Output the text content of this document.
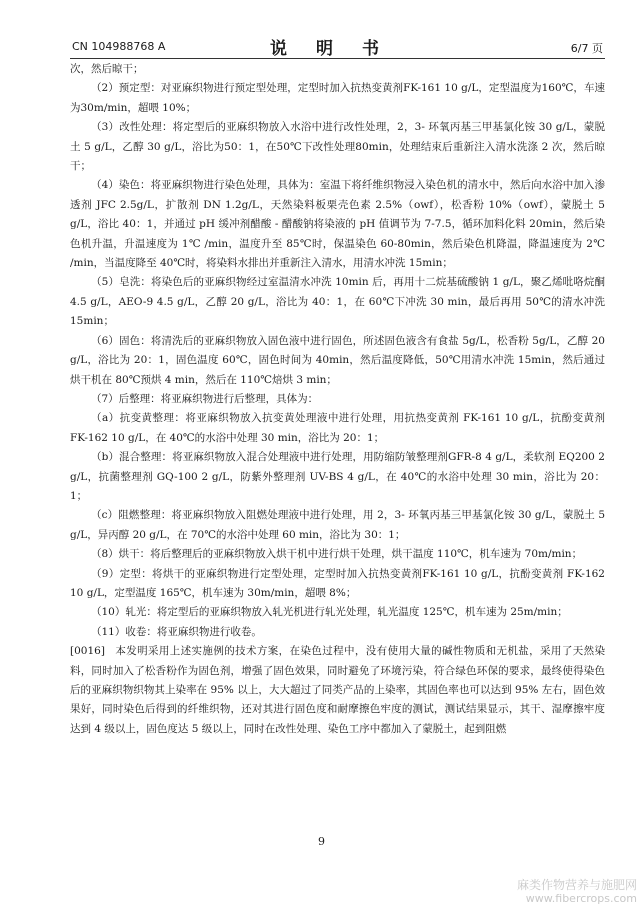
CN 104988768 A	说　明　书	6/7 页

次，然后晾干；

（2）预定型：对亚麻织物进行预定型处理，定型时加入抗热变黄剂FK-161 10 g/L，定型温度为160℃，车速为30m/min，超喂 10%；

（3）改性处理：将定型后的亚麻织物放入水浴中进行改性处理，2，3- 环氧丙基三甲基氯化铵 30 g/L，蒙脱土 5 g/L，乙醇 30 g/L，浴比为50：1，在50℃下改性处理80min，处理结束后重新注入清水洗涤 2 次，然后晾干；

（4）染色：将亚麻织物进行染色处理，具体为：室温下将纤维织物浸入染色机的清水中，然后向水浴中加入渗透剂 JFC 2.5g/L，扩散剂 DN 1.2g/L，天然染料板栗壳色素 2.5%（owf），松香粉 10%（owf），蒙脱土 5 g/L，浴比 40：1，并通过 pH 缓冲剂醋酸 - 醋酸钠将染液的 pH 值调节为 7-7.5，循环加料化料 20min，然后染色机升温，升温速度为 1℃ /min，温度升至 85℃时，保温染色 60-80min，然后染色机降温，降温速度为 2℃ /min，当温度降至 40℃时，将染料水排出并重新注入清水，用清水冲洗 15min；

（5）皂洗：将染色后的亚麻织物经过室温清水冲洗 10min 后，再用十二烷基硫酸钠 1 g/L，聚乙烯吡咯烷酮 4.5 g/L，AEO-9 4.5 g/L，乙醇 20 g/L，浴比为 40：1，在 60℃下冲洗 30 min，最后再用 50℃的清水冲洗 15min；

（6）固色：将清洗后的亚麻织物放入固色液中进行固色，所述固色液含有食盐 5g/L，松香粉 5g/L，乙醇 20 g/L，浴比为 20：1，固色温度 60℃，固色时间为 40min，然后温度降低，50℃用清水冲洗 15min，然后通过烘干机在 80℃预烘 4 min，然后在 110℃焙烘 3 min；

（7）后整理：将亚麻织物进行后整理，具体为：

（a）抗变黄整理：将亚麻织物放入抗变黄处理液中进行处理，用抗热变黄剂 FK-161 10 g/L，抗酚变黄剂 FK-162 10 g/L，在 40℃的水浴中处理 30 min，浴比为 20：1；

（b）混合整理：将亚麻织物放入混合处理液中进行处理，用防缩防皱整理剂GFR-8 4 g/L，柔软剂 EQ200 2 g/L，抗菌整理剂 GQ-100 2 g/L，防紫外整理剂 UV-BS 4 g/L，在 40℃的水浴中处理 30 min，浴比为 20：1；

（c）阻燃整理：将亚麻织物放入阻燃处理液中进行处理，用 2，3- 环氧丙基三甲基氯化铵 30 g/L，蒙脱土 5 g/L，异丙醇 20 g/L，在 70℃的水浴中处理 60 min，浴比为 30：1；

（8）烘干：将后整理后的亚麻织物放入烘干机中进行烘干处理，烘干温度 110℃，机车速为 70m/min；

（9）定型：将烘干的亚麻织物进行定型处理，定型时加入抗热变黄剂FK-161 10 g/L，抗酚变黄剂 FK-162 10 g/L，定型温度 165℃，机车速为 30m/min，超喂 8%；

（10）轧光：将定型后的亚麻织物放入轧光机进行轧光处理，轧光温度 125℃，机车速为 25m/min；

（11）收卷：将亚麻织物进行收卷。

[0016] 本发明采用上述实施例的技术方案，在染色过程中，没有使用大量的碱性物质和无机盐，采用了天然染料，同时加入了松香粉作为固色剂，增强了固色效果，同时避免了环境污染，符合绿色环保的要求，最终使得染色后的亚麻织物织物其上染率在 95% 以上，大大超过了同类产品的上染率，其固色率也可以达到 95% 左右，固色效果好，同时染色后得到的纤维织物，还对其进行固色度和耐摩擦色牢度的测试，测试结果显示，其干、湿摩擦牢度达到 4 级以上，固色度达 5 级以上，同时在改性处理、染色工序中都加入了蒙脱土，起到阻燃

9
麻类作物营养与施肥网
www.fibercrops.com
